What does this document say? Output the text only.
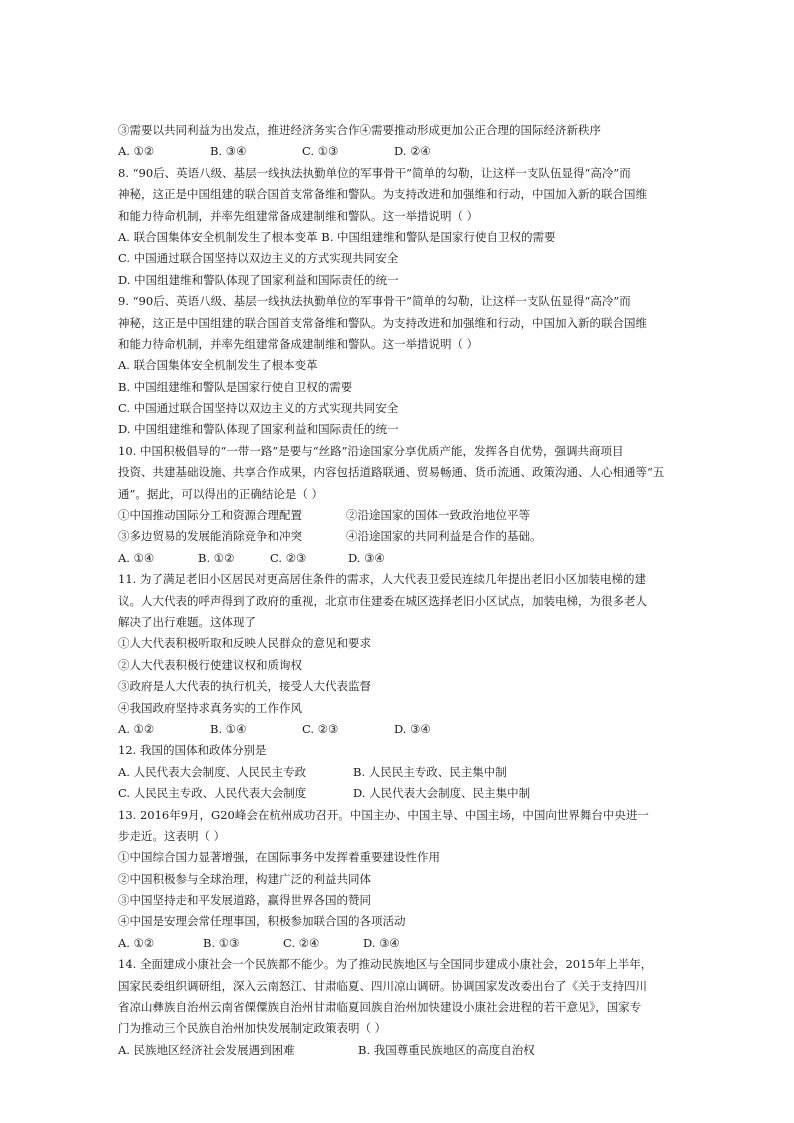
③需要以共同利益为出发点，推进经济务实合作④需要推动形成更加公正合理的国际经济新秩序
A. ①②	B. ③④	C. ①③	D. ②④
8. “90后、英语八级、基层一线执法执勤单位的军事骨干”简单的勾勒，让这样一支队伍显得“高冷”而
神秘，这正是中国组建的联合国首支常备维和警队。为支持改进和加强维和行动，中国加入新的联合国维
和能力待命机制，并率先组建常备成建制维和警队。这一举措说明（ ）
A. 联合国集体安全机制发生了根本变革 B. 中国组建维和警队是国家行使自卫权的需要
C. 中国通过联合国坚持以双边主义的方式实现共同安全
D. 中国组建维和警队体现了国家利益和国际责任的统一
9. “90后、英语八级、基层一线执法执勤单位的军事骨干”简单的勾勒，让这样一支队伍显得“高冷”而
神秘，这正是中国组建的联合国首支常备维和警队。为支持改进和加强维和行动，中国加入新的联合国维
和能力待命机制，并率先组建常备成建制维和警队。这一举措说明（ ）
A. 联合国集体安全机制发生了根本变革
B. 中国组建维和警队是国家行使自卫权的需要
C. 中国通过联合国坚持以双边主义的方式实现共同安全
D. 中国组建维和警队体现了国家利益和国际责任的统一
10. 中国积极倡导的“一带一路”是要与“丝路”沿途国家分享优质产能，发挥各自优势，强调共商项目
投资、共建基础设施、共享合作成果，内容包括道路联通、贸易畅通、货币流通、政策沟通、人心相通等“五
通”。据此，可以得出的正确结论是（ ）
①中国推动国际分工和资源合理配置	②沿途国家的国体一致政治地位平等
③多边贸易的发展能消除竞争和冲突	④沿途国家的共同利益是合作的基础。
A. ①④	B. ①②	C. ②③	D. ③④
11. 为了满足老旧小区居民对更高居住条件的需求，人大代表卫爱民连续几年提出老旧小区加装电梯的建
议。人大代表的呼声得到了政府的重视，北京市住建委在城区选择老旧小区试点，加装电梯，为很多老人
解决了出行难题。这体现了
①人大代表积极听取和反映人民群众的意见和要求
②人大代表积极行使建议权和质询权
③政府是人大代表的执行机关，接受人大代表监督
④我国政府坚持求真务实的工作作风
A. ①②	B. ①④	C. ②③	D. ③④
12. 我国的国体和政体分别是
A. 人民代表大会制度、人民民主专政	B. 人民民主专政、民主集中制
C. 人民民主专政、人民代表大会制度	D. 人民代表大会制度、民主集中制
13. 2016年9月，G20峰会在杭州成功召开。中国主办、中国主导、中国主场，中国向世界舞台中央进一
步走近。这表明（ ）
①中国综合国力显著增强，在国际事务中发挥着重要建设性作用
②中国积极参与全球治理，构建广泛的利益共同体
③中国坚持走和平发展道路，赢得世界各国的赞同
④中国是安理会常任理事国，积极参加联合国的各项活动
A. ①②	B. ①③	C. ②④	D. ③④
14. 全面建成小康社会一个民族都不能少。为了推动民族地区与全国同步建成小康社会，2015年上半年，
国家民委组织调研组，深入云南怒江、甘肃临夏、四川凉山调研。协调国家发改委出台了《关于支持四川
省凉山彝族自治州云南省傈僳族自治州甘肃临夏回族自治州加快建设小康社会进程的若干意见》，国家专
门为推动三个民族自治州加快发展制定政策表明（ ）
A. 民族地区经济社会发展遇到困难	B. 我国尊重民族地区的高度自治权
